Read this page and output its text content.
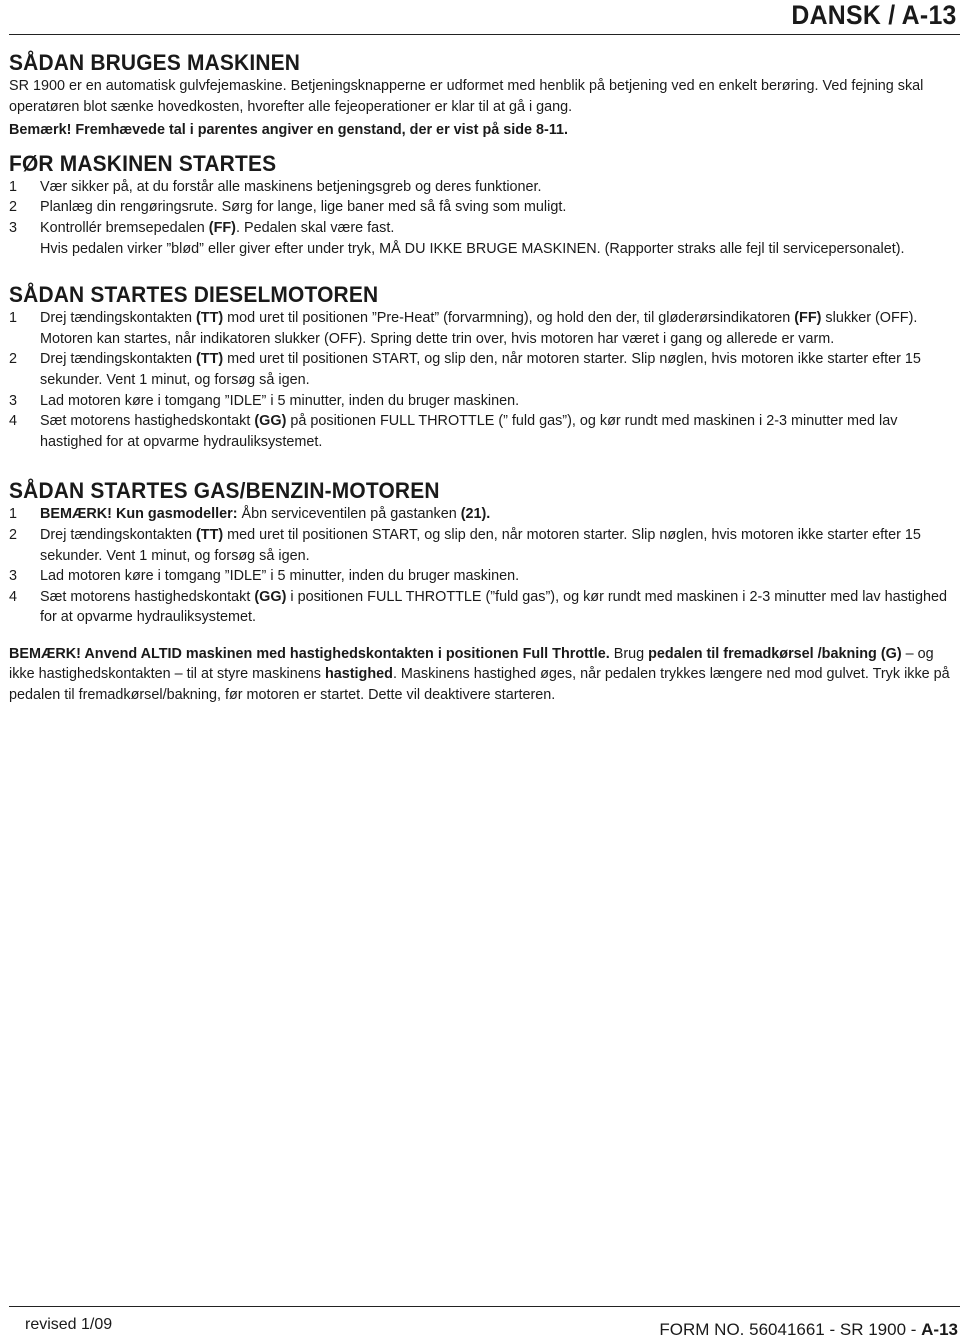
DANSK / A-13
SÅDAN BRUGES MASKINEN

SR 1900 er en automatisk gulvfejemaskine. Betjeningsknapperne er udformet med henblik på betjening ved en enkelt berøring. Ved fejning skal operatøren blot sænke hovedkosten, hvorefter alle fejeoperationer er klar til at gå i gang.

Bemærk! Fremhævede tal i parentes angiver en genstand, der er vist på side 8-11.

FØR MASKINEN STARTES
1	Vær sikker på, at du forstår alle maskinens betjeningsgreb og deres funktioner.
2	Planlæg din rengøringsrute. Sørg for lange, lige baner med så få sving som muligt.
3	Kontrollér bremsepedalen (FF). Pedalen skal være fast.

Hvis pedalen virker ”blød” eller giver efter under tryk, MÅ DU IKKE BRUGE MASKINEN. (Rapporter straks alle fejl til servicepersonalet).

SÅDAN STARTES DIESELMOTOREN
1	Drej tændingskontakten (TT) mod uret til positionen ”Pre-Heat” (forvarmning), og hold den der, til gløderørsindikatoren (FF) slukker (OFF). Motoren kan startes, når indikatoren slukker (OFF). Spring dette trin over, hvis motoren har været i gang og allerede er varm.
2	Drej tændingskontakten (TT) med uret til positionen START, og slip den, når motoren starter. Slip nøglen, hvis motoren ikke starter efter 15 sekunder. Vent 1 minut, og forsøg så igen.
3	Lad motoren køre i tomgang ”IDLE” i 5 minutter, inden du bruger maskinen.
4	Sæt motorens hastighedskontakt (GG) på positionen FULL THROTTLE (” fuld gas”), og kør rundt med maskinen i 2-3 minutter med lav hastighed for at opvarme hydrauliksystemet.
SÅDAN STARTES GAS/BENZIN-MOTOREN
1	BEMÆRK! Kun gasmodeller: Åbn serviceventilen på gastanken (21).
2	Drej tændingskontakten (TT) med uret til positionen START, og slip den, når motoren starter. Slip nøglen, hvis motoren ikke starter efter 15 sekunder. Vent 1 minut, og forsøg så igen.
3	Lad motoren køre i tomgang ”IDLE” i 5 minutter, inden du bruger maskinen.
4	Sæt motorens hastighedskontakt (GG) i positionen FULL THROTTLE (”fuld gas”), og kør rundt med maskinen i 2-3 minutter med lav hastighed for at opvarme hydrauliksystemet.

BEMÆRK! Anvend ALTID maskinen med hastighedskontakten i positionen Full Throttle. Brug pedalen til fremadkørsel /bakning (G) – og ikke hastighedskontakten – til at styre maskinens hastighed. Maskinens hastighed øges, når pedalen trykkes længere ned mod gulvet. Tryk ikke på pedalen til fremadkørsel/bakning, før motoren er startet. Dette vil deaktivere starteren.

revised 1/09	FORM NO. 56041661 - SR 1900 - A-13
